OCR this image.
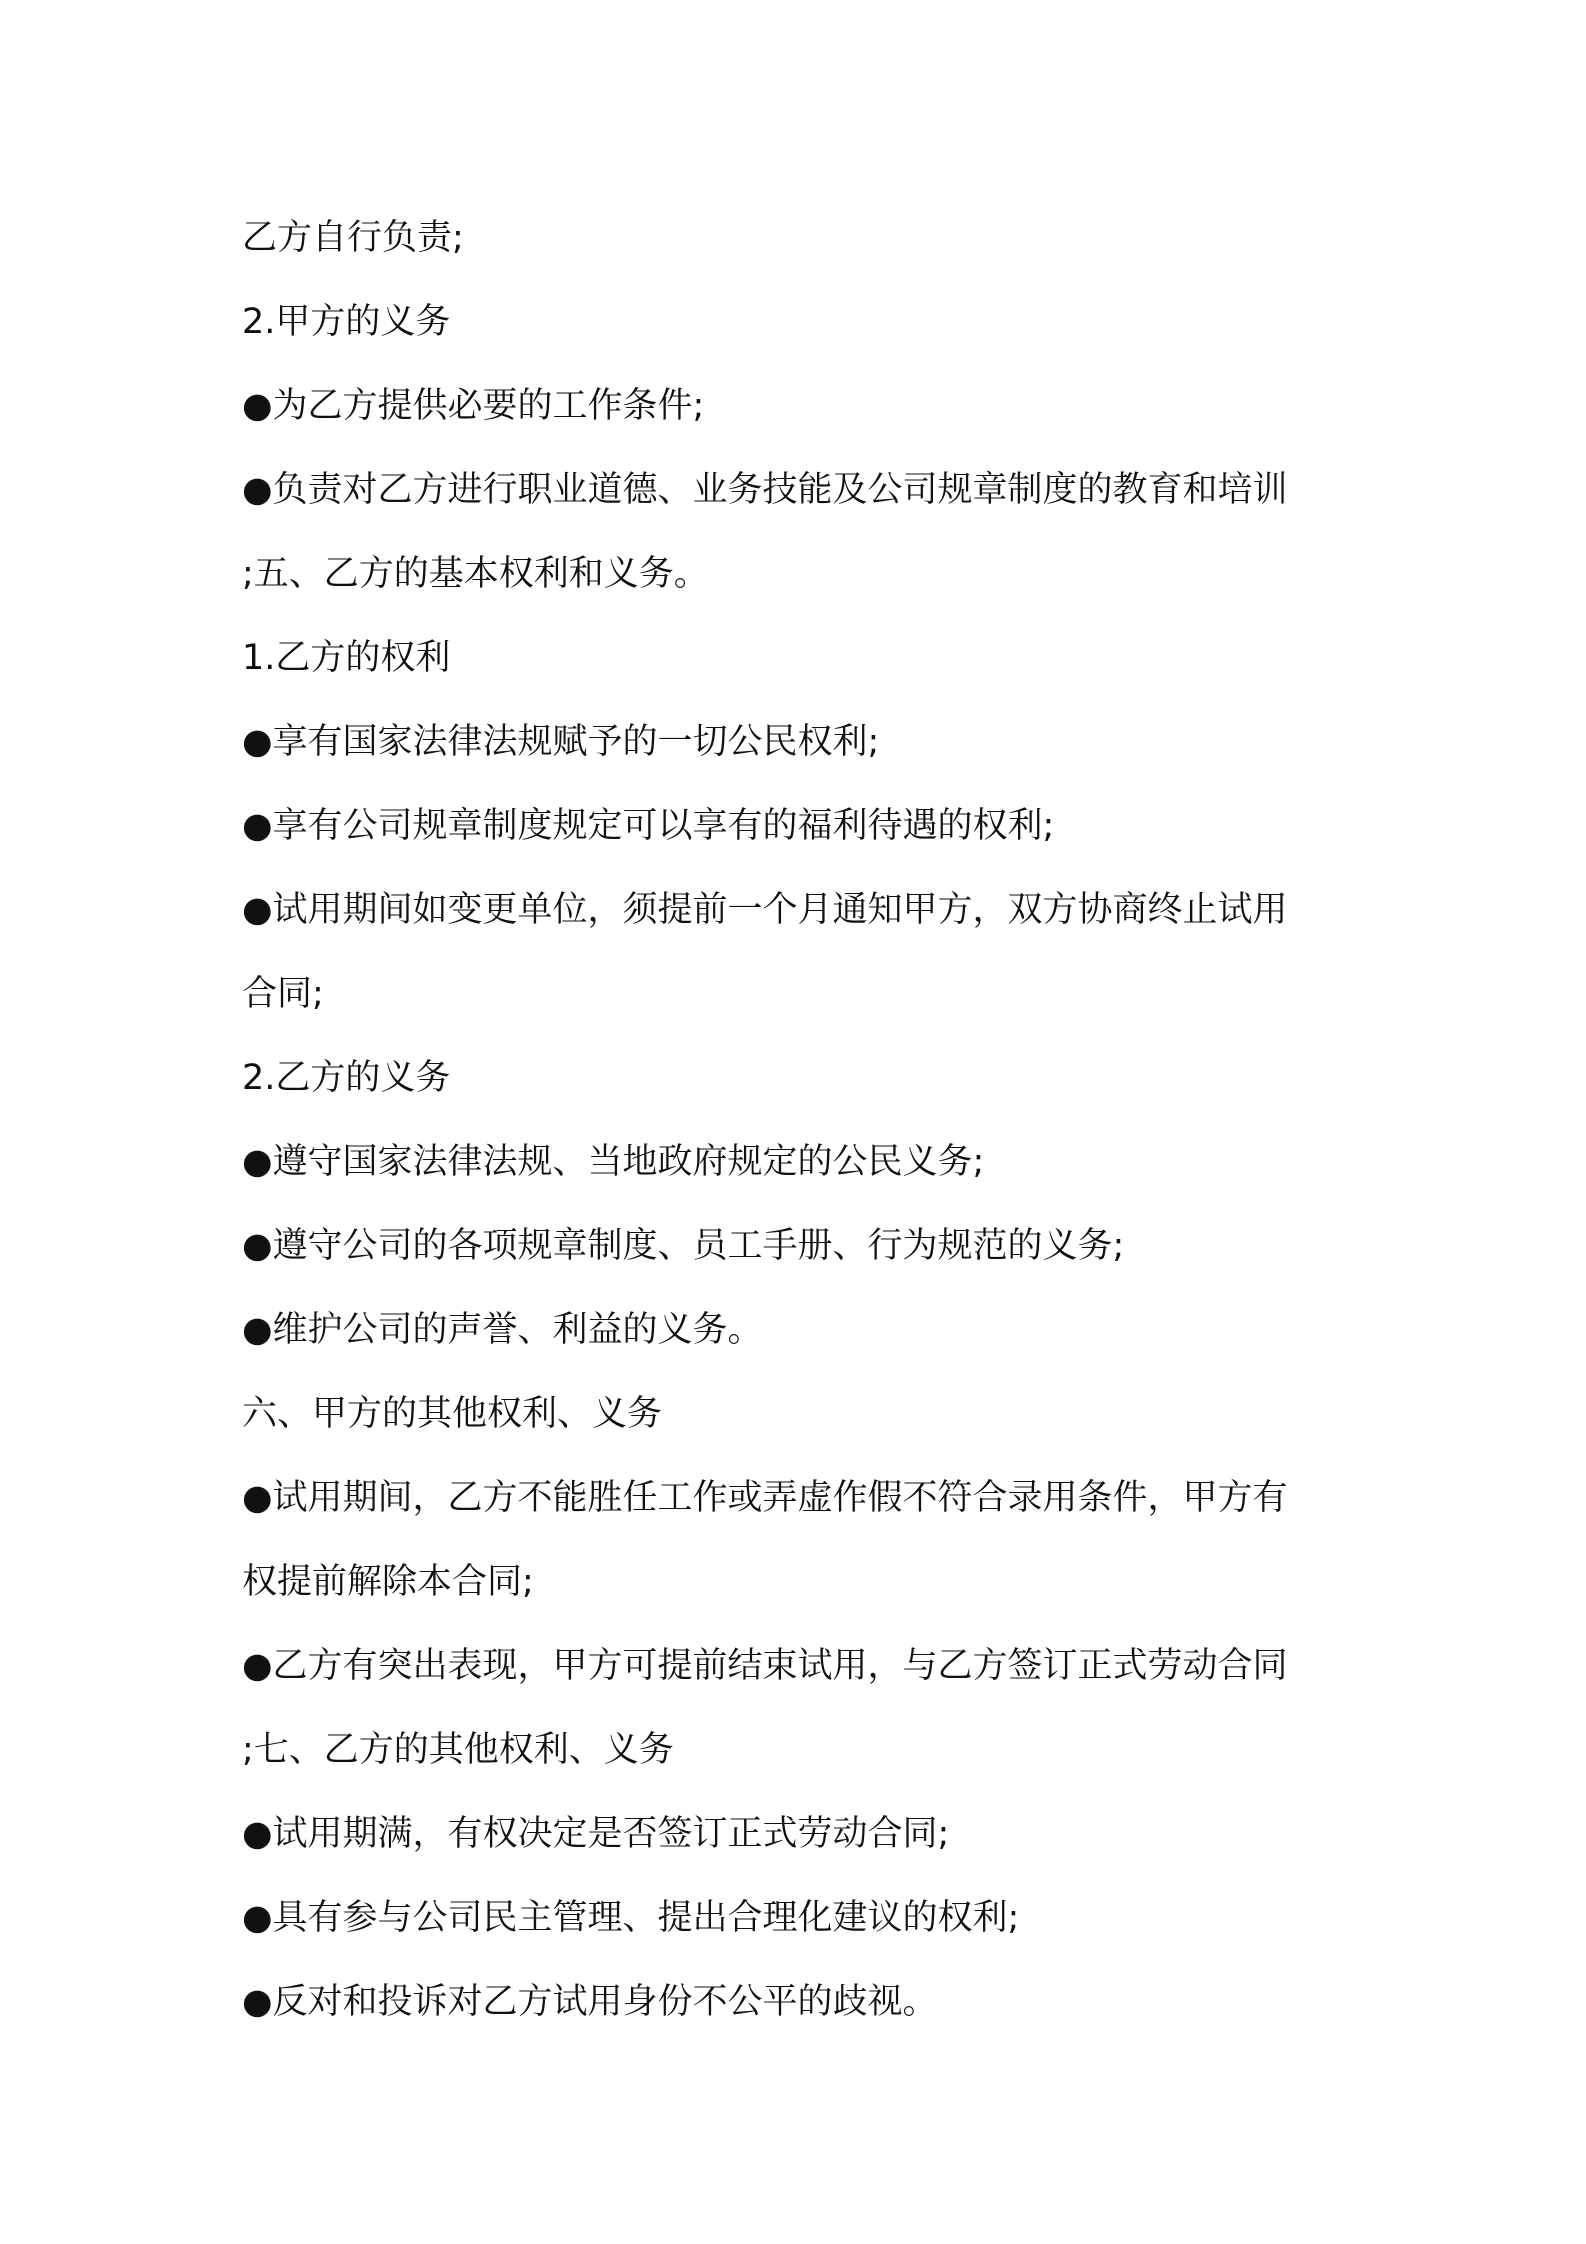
乙方自行负责;
2.甲方的义务
●为乙方提供必要的工作条件;
●负责对乙方进行职业道德、业务技能及公司规章制度的教育和培训
;五、乙方的基本权利和义务。
1.乙方的权利
●享有国家法律法规赋予的一切公民权利;
●享有公司规章制度规定可以享有的福利待遇的权利;
●试用期间如变更单位，须提前一个月通知甲方，双方协商终止试用
合同;
2.乙方的义务
●遵守国家法律法规、当地政府规定的公民义务;
●遵守公司的各项规章制度、员工手册、行为规范的义务;
●维护公司的声誉、利益的义务。
六、甲方的其他权利、义务
●试用期间，乙方不能胜任工作或弄虚作假不符合录用条件，甲方有
权提前解除本合同;
●乙方有突出表现，甲方可提前结束试用，与乙方签订正式劳动合同
;七、乙方的其他权利、义务
●试用期满，有权决定是否签订正式劳动合同;
●具有参与公司民主管理、提出合理化建议的权利;
●反对和投诉对乙方试用身份不公平的歧视。
